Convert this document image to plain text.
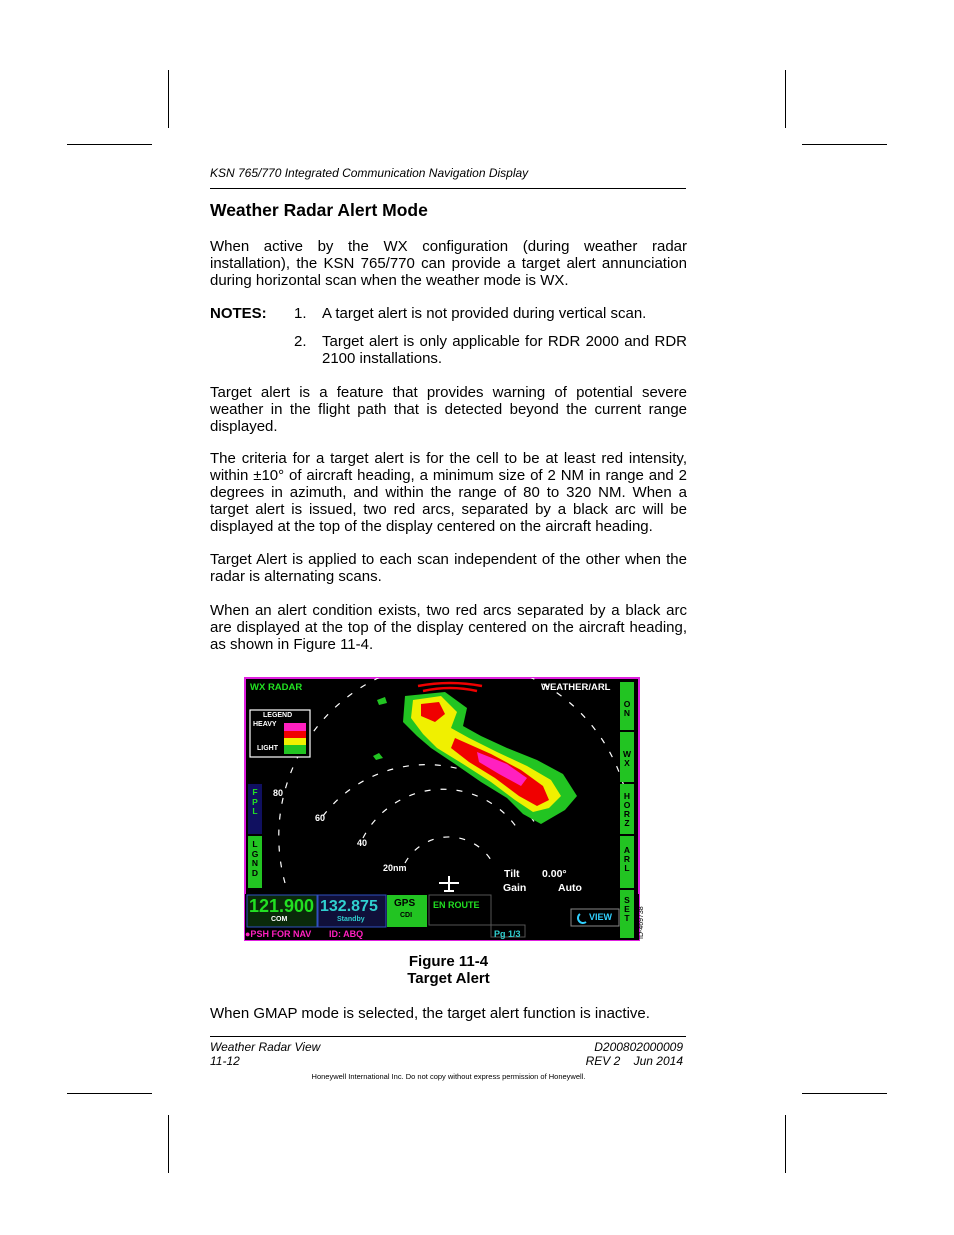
KSN 765/770 Integrated Communication Navigation Display
Weather Radar Alert Mode

When active by the WX configuration (during weather radar installation), the KSN 765/770 can provide a target alert annunciation during horizontal scan when the weather mode is WX.

NOTES: 1. A target alert is not provided during vertical scan.
2. Target alert is only applicable for RDR 2000 and RDR 2100 installations.

Target alert is a feature that provides warning of potential severe weather in the flight path that is detected beyond the current range displayed.

The criteria for a target alert is for the cell to be at least red intensity, within ±10° of aircraft heading, a minimum size of 2 NM in range and 2 degrees in azimuth, and within the range of 80 to 320 NM. When a target alert is issued, two red arcs, separated by a black arc will be displayed at the top of the display centered on the aircraft heading.

Target Alert is applied to each scan independent of the other when the radar is alternating scans.

When an alert condition exists, two red arcs separated by a black arc are displayed at the top of the display centered on the aircraft heading, as shown in Figure 11‑4.

WX RADAR	WEATHER/ARL
LEGEND
HEAVY
LIGHT
80
60
40
20nm	Tilt 0.00°
Gain	Auto
O
N
W
X
H
O
R
Z
A
R
L
S
E
T
F
P
L
L
G
N
D
121.900
COM
132.875
Standby
GPS
CDI
EN ROUTE
VIEW
●PSH FOR NAV ID: ABQ	Pg 1/3	ID-469738
Figure 11‑4
Target Alert

When GMAP mode is selected, the target alert function is inactive.

Weather Radar View
11-12
D200802000009
REV 2    Jun 2014
Honeywell International Inc. Do not copy without express permission of Honeywell.
